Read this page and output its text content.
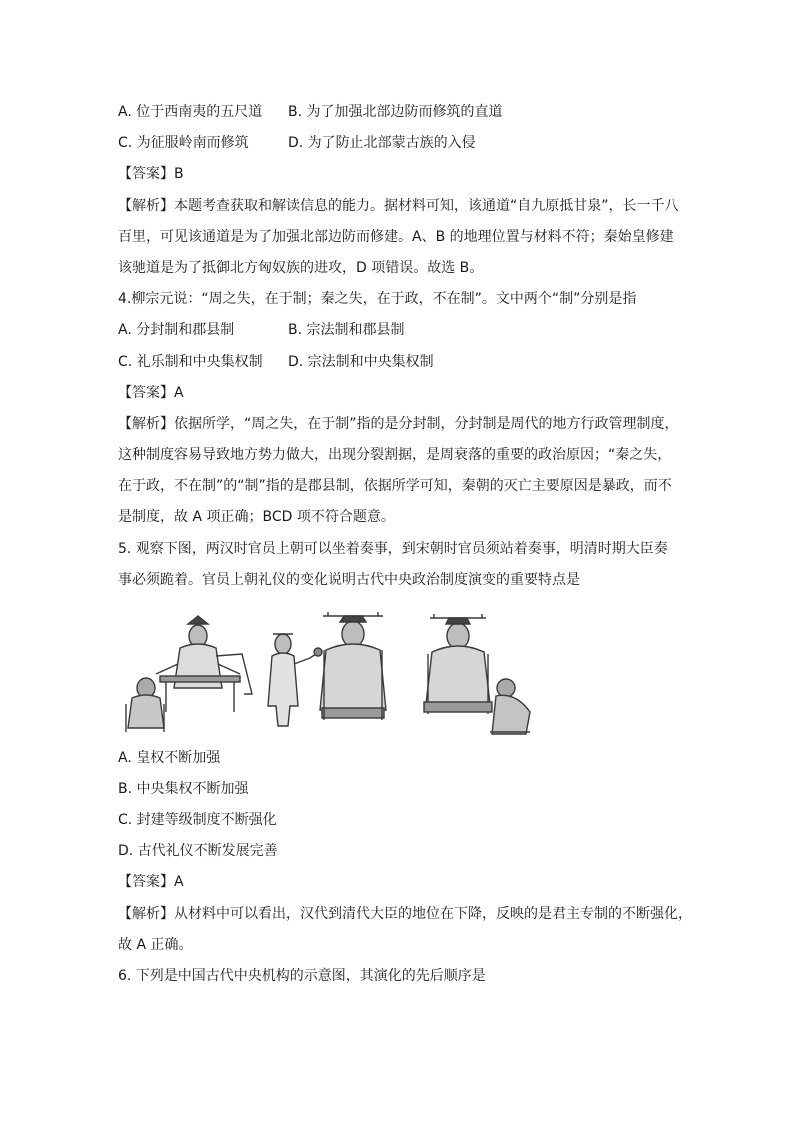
A. 位于西南夷的五尺道 B. 为了加强北部边防而修筑的直道
C. 为征服岭南而修筑	D. 为了防止北部蒙古族的入侵
【答案】B
【解析】本题考查获取和解读信息的能力。据材料可知，该通道“自九原抵甘泉”，长一千八
百里，可见该通道是为了加强北部边防而修建。A、B 的地理位置与材料不符；秦始皇修建
该驰道是为了抵御北方匈奴族的进攻，D 项错误。故选 B。
4.柳宗元说：“周之失，在于制；秦之失，在于政，不在制”。文中两个“制”分别是指
A. 分封制和郡县制	B. 宗法制和郡县制
C. 礼乐制和中央集权制 D. 宗法制和中央集权制
【答案】A
【解析】依据所学，“周之失，在于制”指的是分封制，分封制是周代的地方行政管理制度，
这种制度容易导致地方势力做大，出现分裂割据，是周衰落的重要的政治原因；“秦之失，
在于政，不在制”的“制”指的是郡县制，依据所学可知，秦朝的灭亡主要原因是暴政，而不
是制度，故 A 项正确；BCD 项不符合题意。
5. 观察下图，两汉时官员上朝可以坐着奏事，到宋朝时官员须站着奏事，明清时期大臣奏
事必须跪着。官员上朝礼仪的变化说明古代中央政治制度演变的重要特点是
A. 皇权不断加强
B. 中央集权不断加强
C. 封建等级制度不断强化
D. 古代礼仪不断发展完善
【答案】A
【解析】从材料中可以看出，汉代到清代大臣的地位在下降，反映的是君主专制的不断强化，
故 A 正确。
6. 下列是中国古代中央机构的示意图，其演化的先后顺序是
